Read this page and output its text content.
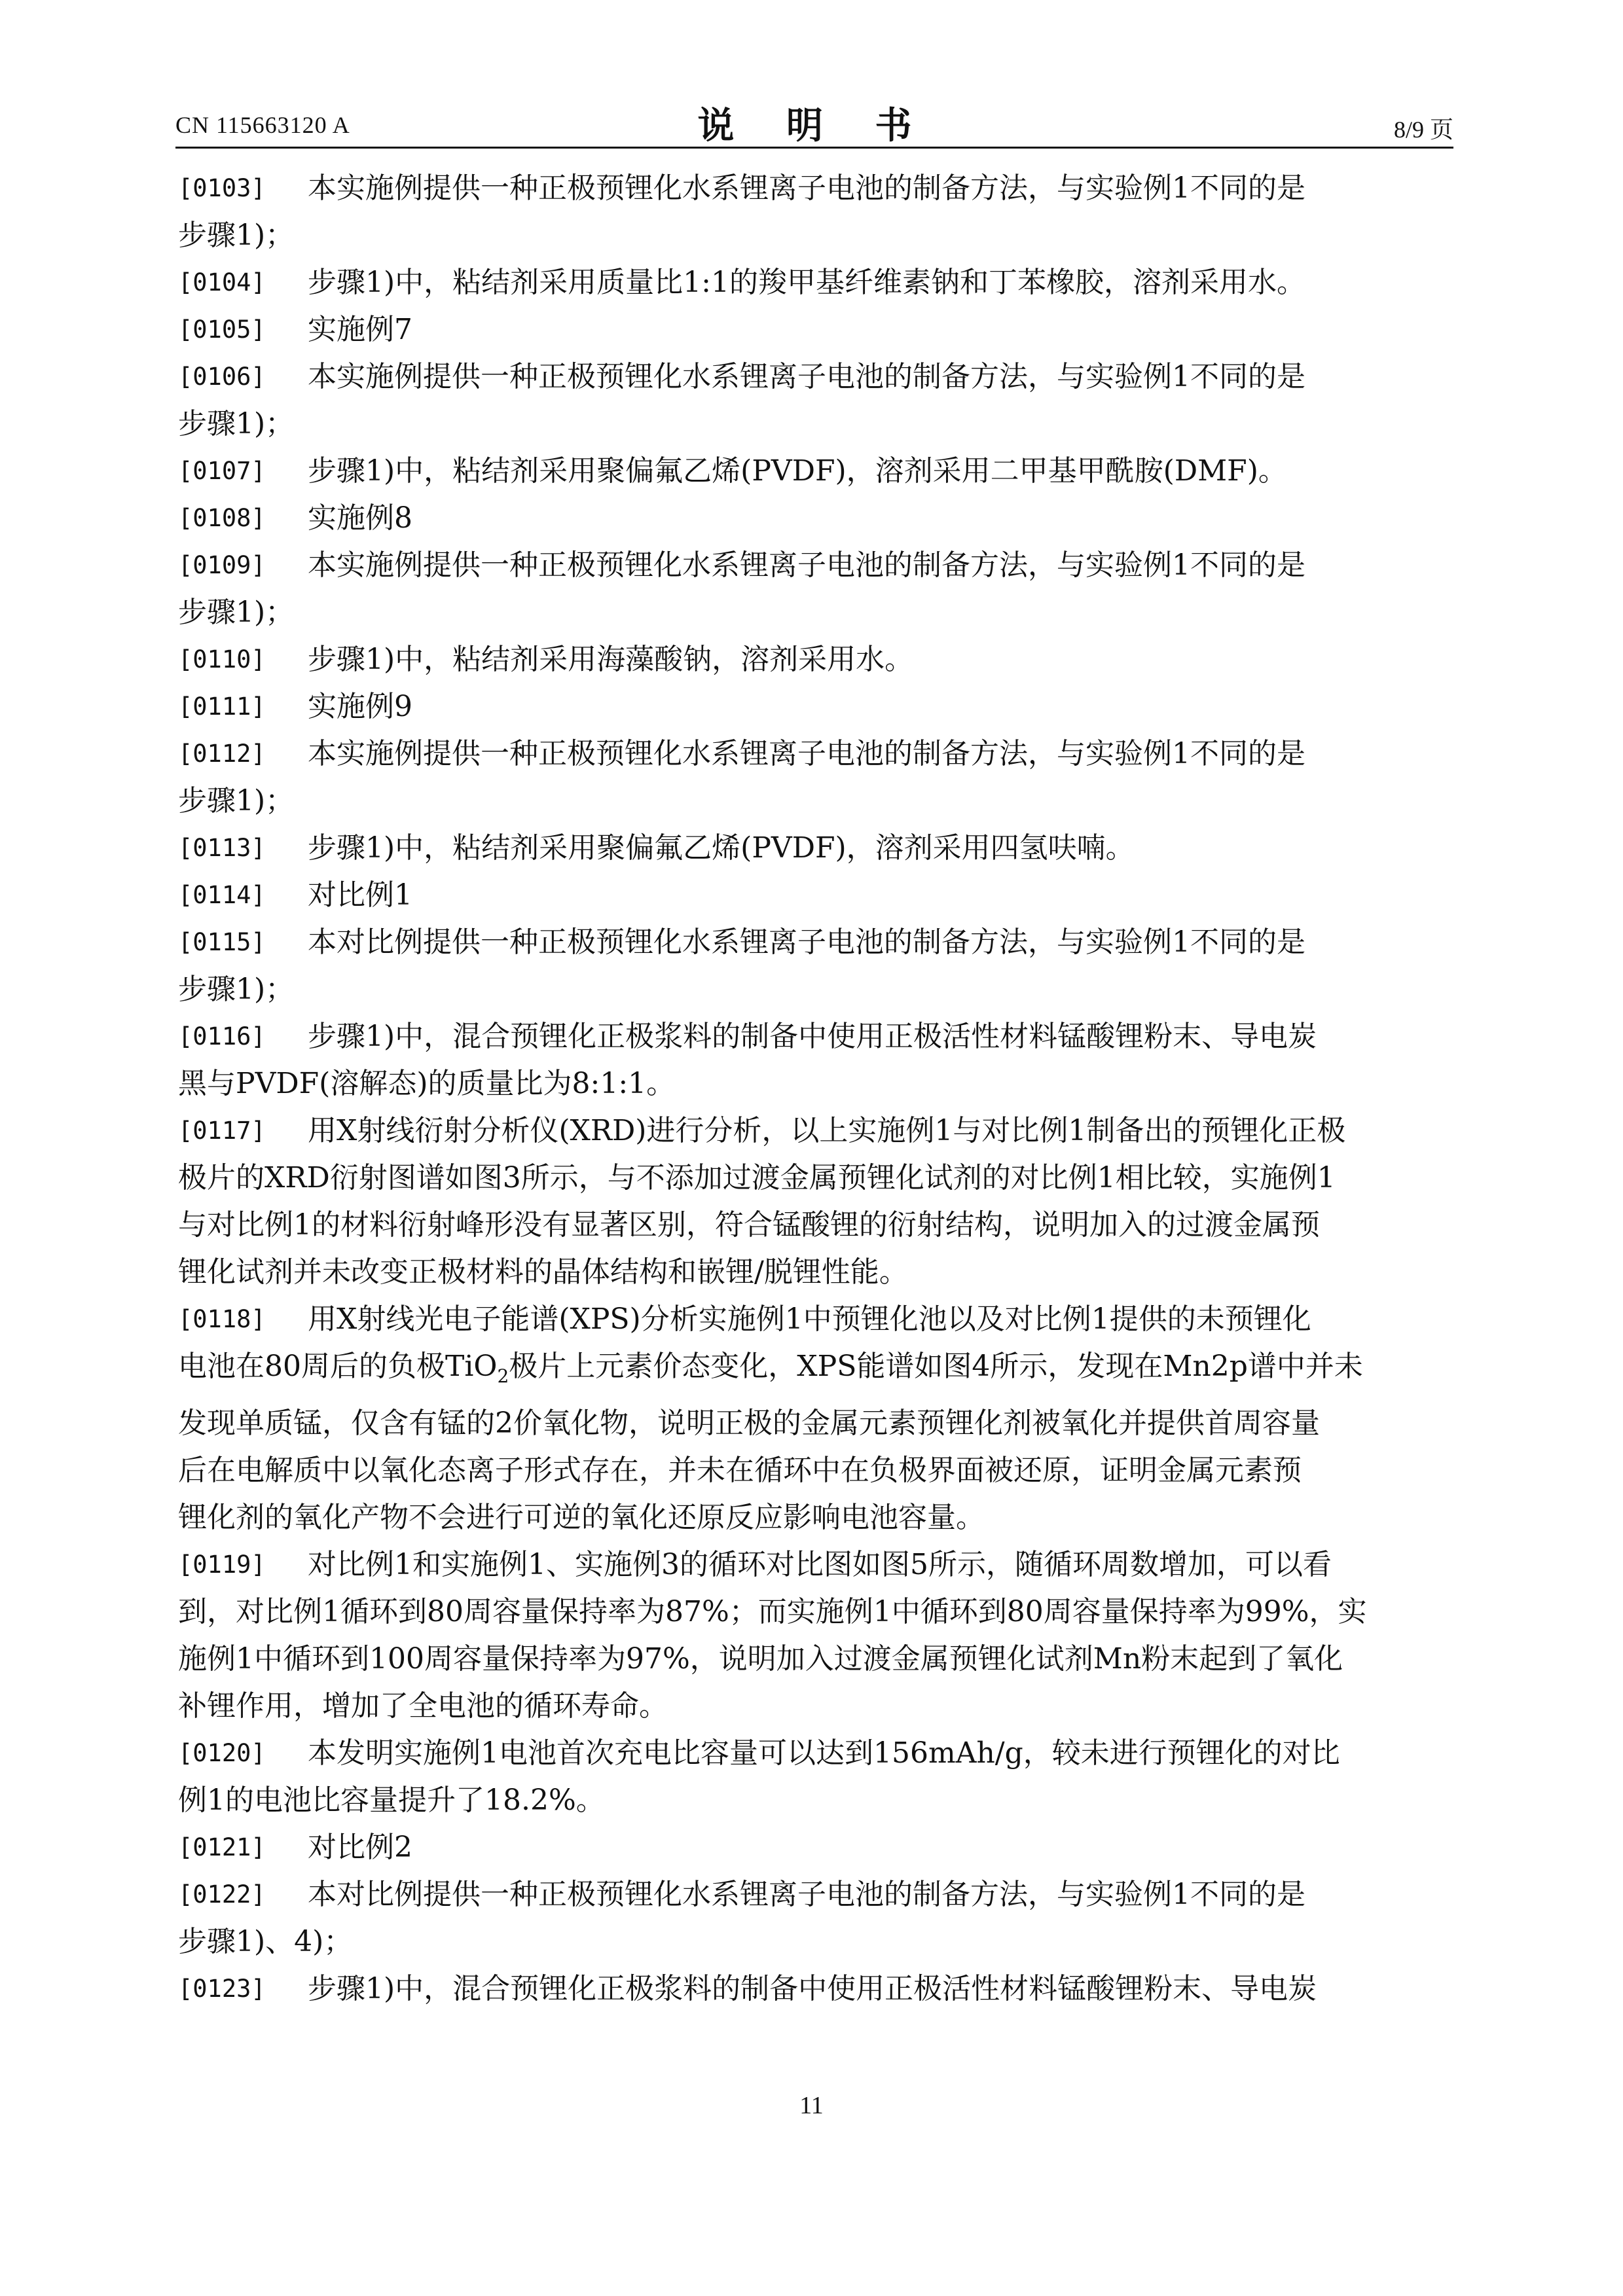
CN 115663120 A	说 明 书	8/9 页
[0103]	本实施例提供一种正极预锂化水系锂离子电池的制备方法，与实验例1不同的是
步骤1)；
[0104]	步骤1)中，粘结剂采用质量比1:1的羧甲基纤维素钠和丁苯橡胶，溶剂采用水。
[0105]	实施例7
[0106]	本实施例提供一种正极预锂化水系锂离子电池的制备方法，与实验例1不同的是
步骤1)；
[0107]	步骤1)中，粘结剂采用聚偏氟乙烯(PVDF)，溶剂采用二甲基甲酰胺(DMF)。
[0108]	实施例8
[0109]	本实施例提供一种正极预锂化水系锂离子电池的制备方法，与实验例1不同的是
步骤1)；
[0110]	步骤1)中，粘结剂采用海藻酸钠，溶剂采用水。
[0111]	实施例9
[0112]	本实施例提供一种正极预锂化水系锂离子电池的制备方法，与实验例1不同的是
步骤1)；
[0113]	步骤1)中，粘结剂采用聚偏氟乙烯(PVDF)，溶剂采用四氢呋喃。
[0114]	对比例1
[0115]	本对比例提供一种正极预锂化水系锂离子电池的制备方法，与实验例1不同的是
步骤1)；
[0116]	步骤1)中，混合预锂化正极浆料的制备中使用正极活性材料锰酸锂粉末、导电炭
黑与PVDF(溶解态)的质量比为8:1:1。
[0117]	用X射线衍射分析仪(XRD)进行分析，以上实施例1与对比例1制备出的预锂化正极
极片的XRD衍射图谱如图3所示，与不添加过渡金属预锂化试剂的对比例1相比较，实施例1
与对比例1的材料衍射峰形没有显著区别，符合锰酸锂的衍射结构，说明加入的过渡金属预
锂化试剂并未改变正极材料的晶体结构和嵌锂/脱锂性能。
[0118]	用X射线光电子能谱(XPS)分析实施例1中预锂化池以及对比例1提供的未预锂化
电池在80周后的负极TiO$_2$极片上元素价态变化，XPS能谱如图4所示，发现在Mn2p谱中并未
发现单质锰，仅含有锰的2价氧化物，说明正极的金属元素预锂化剂被氧化并提供首周容量
后在电解质中以氧化态离子形式存在，并未在循环中在负极界面被还原，证明金属元素预
锂化剂的氧化产物不会进行可逆的氧化还原反应影响电池容量。
[0119]	对比例1和实施例1、实施例3的循环对比图如图5所示，随循环周数增加，可以看
到，对比例1循环到80周容量保持率为87%；而实施例1中循环到80周容量保持率为99%，实
施例1中循环到100周容量保持率为97%，说明加入过渡金属预锂化试剂Mn粉末起到了氧化
补锂作用，增加了全电池的循环寿命。
[0120]	本发明实施例1电池首次充电比容量可以达到156mAh/g，较未进行预锂化的对比
例1的电池比容量提升了18.2%。
[0121]	对比例2
[0122]	本对比例提供一种正极预锂化水系锂离子电池的制备方法，与实验例1不同的是
步骤1)、4)；
[0123]	步骤1)中，混合预锂化正极浆料的制备中使用正极活性材料锰酸锂粉末、导电炭
11
